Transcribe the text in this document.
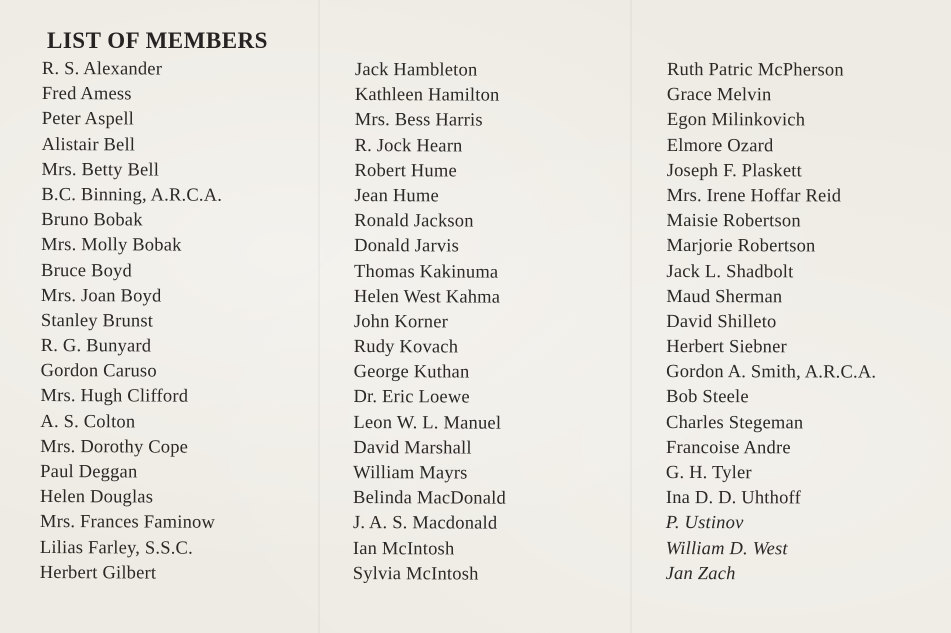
LIST OF MEMBERS
R. S. Alexander
Fred Amess
Peter Aspell
Alistair Bell
Mrs. Betty Bell
B.C. Binning, A.R.C.A.
Bruno Bobak
Mrs. Molly Bobak
Bruce Boyd
Mrs. Joan Boyd
Stanley Brunst
R. G. Bunyard
Gordon Caruso
Mrs. Hugh Clifford
A. S. Colton
Mrs. Dorothy Cope
Paul Deggan
Helen Douglas
Mrs. Frances Faminow
Lilias Farley, S.S.C.
Herbert Gilbert
Jack Hambleton
Kathleen Hamilton
Mrs. Bess Harris
R. Jock Hearn
Robert Hume
Jean Hume
Ronald Jackson
Donald Jarvis
Thomas Kakinuma
Helen West Kahma
John Korner
Rudy Kovach
George Kuthan
Dr. Eric Loewe
Leon W. L. Manuel
David Marshall
William Mayrs
Belinda MacDonald
J. A. S. Macdonald
Ian McIntosh
Sylvia McIntosh
Ruth Patric McPherson
Grace Melvin
Egon Milinkovich
Elmore Ozard
Joseph F. Plaskett
Mrs. Irene Hoffar Reid
Maisie Robertson
Marjorie Robertson
Jack L. Shadbolt
Maud Sherman
David Shilleto
Herbert Siebner
Gordon A. Smith, A.R.C.A.
Bob Steele
Charles Stegeman
Francoise Andre
G. H. Tyler
Ina D. D. Uhthoff
P. Ustinov
William D. West
Jan Zach
